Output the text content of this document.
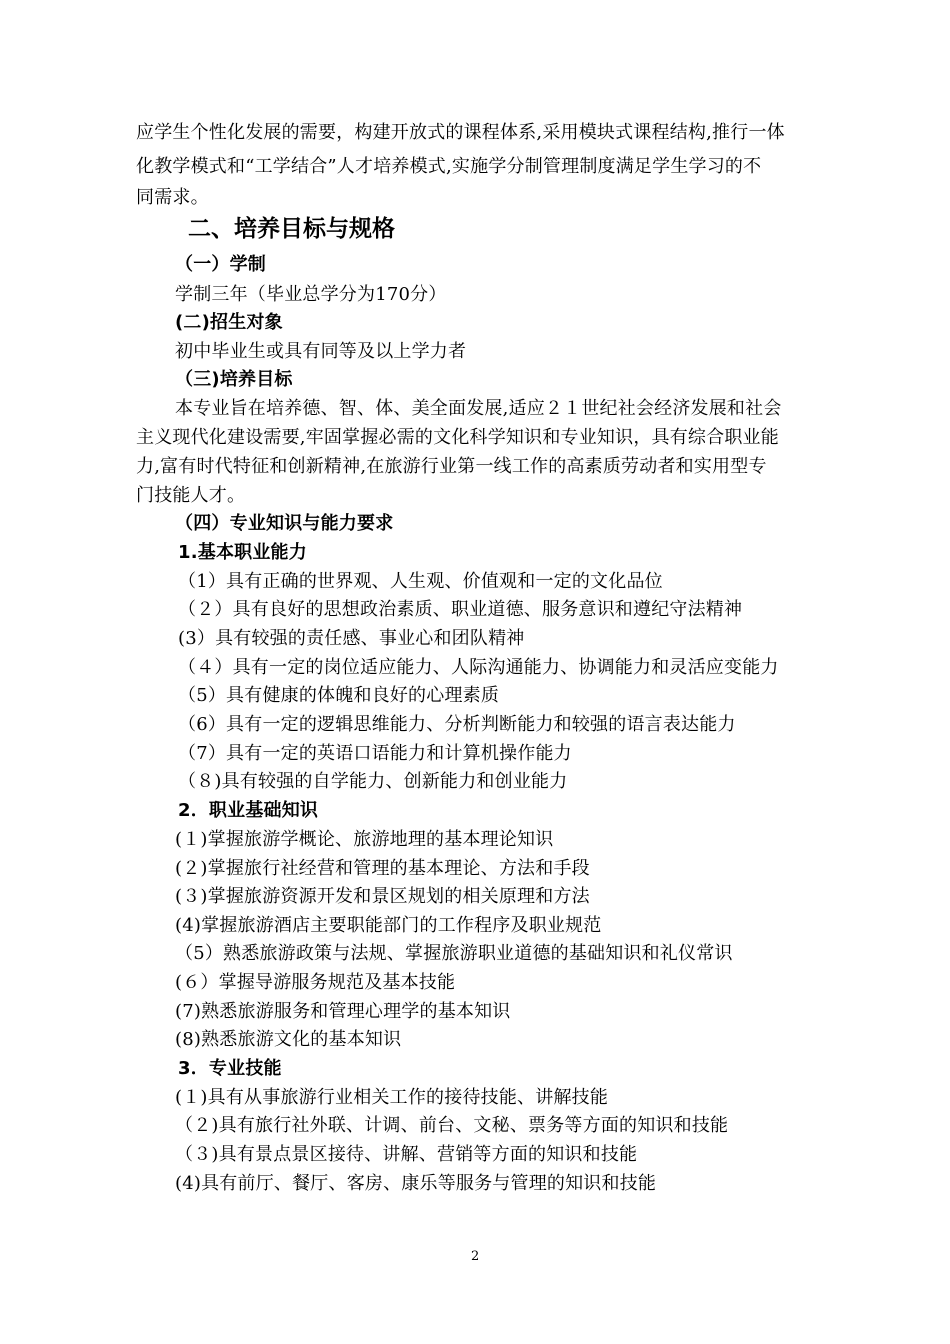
应学生个性化发展的需要，构建开放式的课程体系,采用模块式课程结构,推行一体
化教学模式和“工学结合”人才培养模式,实施学分制管理制度满足学生学习的不
同需求。
二、培养目标与规格
（一）学制
学制三年（毕业总学分为170分）
(二)招生对象
初中毕业生或具有同等及以上学力者
（三)培养目标
本专业旨在培养德、智、体、美全面发展,适应２１世纪社会经济发展和社会
主义现代化建设需要,牢固掌握必需的文化科学知识和专业知识，具有综合职业能
力,富有时代特征和创新精神,在旅游行业第一线工作的高素质劳动者和实用型专
门技能人才。
（四）专业知识与能力要求
1.基本职业能力
（1）具有正确的世界观、人生观、价值观和一定的文化品位
（２）具有良好的思想政治素质、职业道德、服务意识和遵纪守法精神
(3）具有较强的责任感、事业心和团队精神
（４）具有一定的岗位适应能力、人际沟通能力、协调能力和灵活应变能力
（5）具有健康的体魄和良好的心理素质
（6）具有一定的逻辑思维能力、分析判断能力和较强的语言表达能力
（7）具有一定的英语口语能力和计算机操作能力
（８)具有较强的自学能力、创新能力和创业能力
2．职业基础知识
(１)掌握旅游学概论、旅游地理的基本理论知识
(２)掌握旅行社经营和管理的基本理论、方法和手段
(３)掌握旅游资源开发和景区规划的相关原理和方法
(4)掌握旅游酒店主要职能部门的工作程序及职业规范
（5）熟悉旅游政策与法规、掌握旅游职业道德的基础知识和礼仪常识
(６）掌握导游服务规范及基本技能
(7)熟悉旅游服务和管理心理学的基本知识
(8)熟悉旅游文化的基本知识
3．专业技能
(１)具有从事旅游行业相关工作的接待技能、讲解技能
（２)具有旅行社外联、计调、前台、文秘、票务等方面的知识和技能
（３)具有景点景区接待、讲解、营销等方面的知识和技能
(4)具有前厅、餐厅、客房、康乐等服务与管理的知识和技能
2
